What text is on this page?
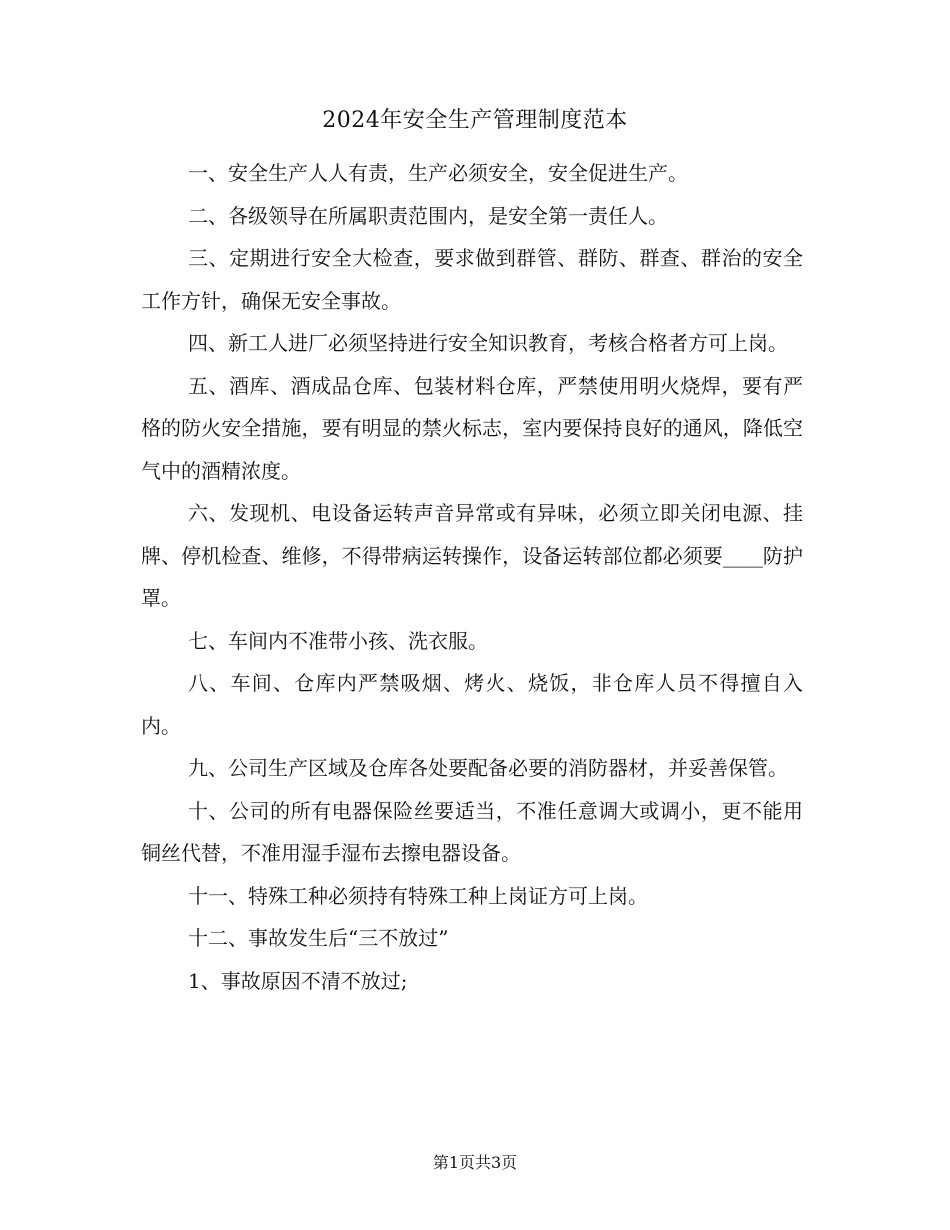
2024年安全生产管理制度范本

一、安全生产人人有责，生产必须安全，安全促进生产。

二、各级领导在所属职责范围内，是安全第一责任人。

三、定期进行安全大检查，要求做到群管、群防、群查、群治的安全工作方针，确保无安全事故。

四、新工人进厂必须坚持进行安全知识教育，考核合格者方可上岗。

五、酒库、酒成品仓库、包装材料仓库，严禁使用明火烧焊，要有严格的防火安全措施，要有明显的禁火标志，室内要保持良好的通风，降低空气中的酒精浓度。

六、发现机、电设备运转声音异常或有异味，必须立即关闭电源、挂牌、停机检查、维修，不得带病运转操作，设备运转部位都必须要____防护罩。

七、车间内不准带小孩、洗衣服。

八、车间、仓库内严禁吸烟、烤火、烧饭，非仓库人员不得擅自入内。

九、公司生产区域及仓库各处要配备必要的消防器材，并妥善保管。

十、公司的所有电器保险丝要适当，不准任意调大或调小，更不能用铜丝代替，不准用湿手湿布去擦电器设备。

十一、特殊工种必须持有特殊工种上岗证方可上岗。

十二、事故发生后“三不放过”

1、事故原因不清不放过;

第1页共3页
